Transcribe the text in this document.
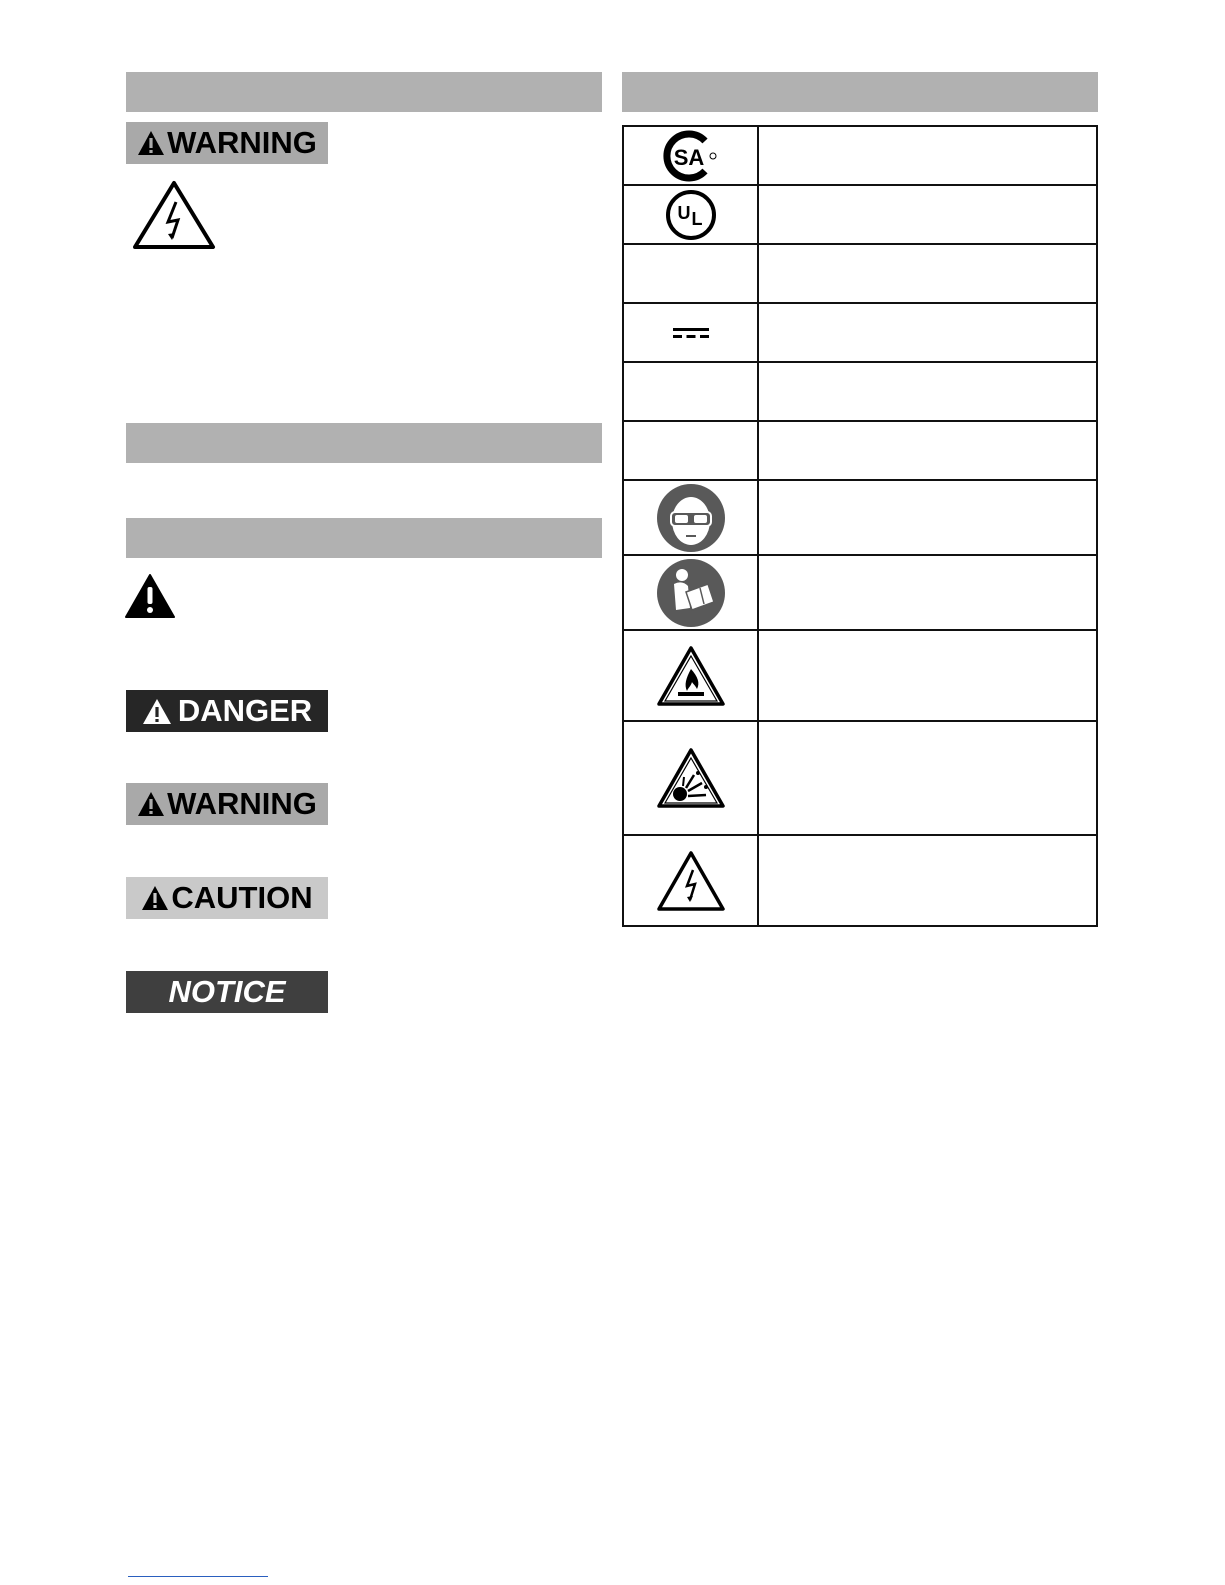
WARNING
DANGER
WARNING
CAUTION
NOTICE
SA	

U L	
